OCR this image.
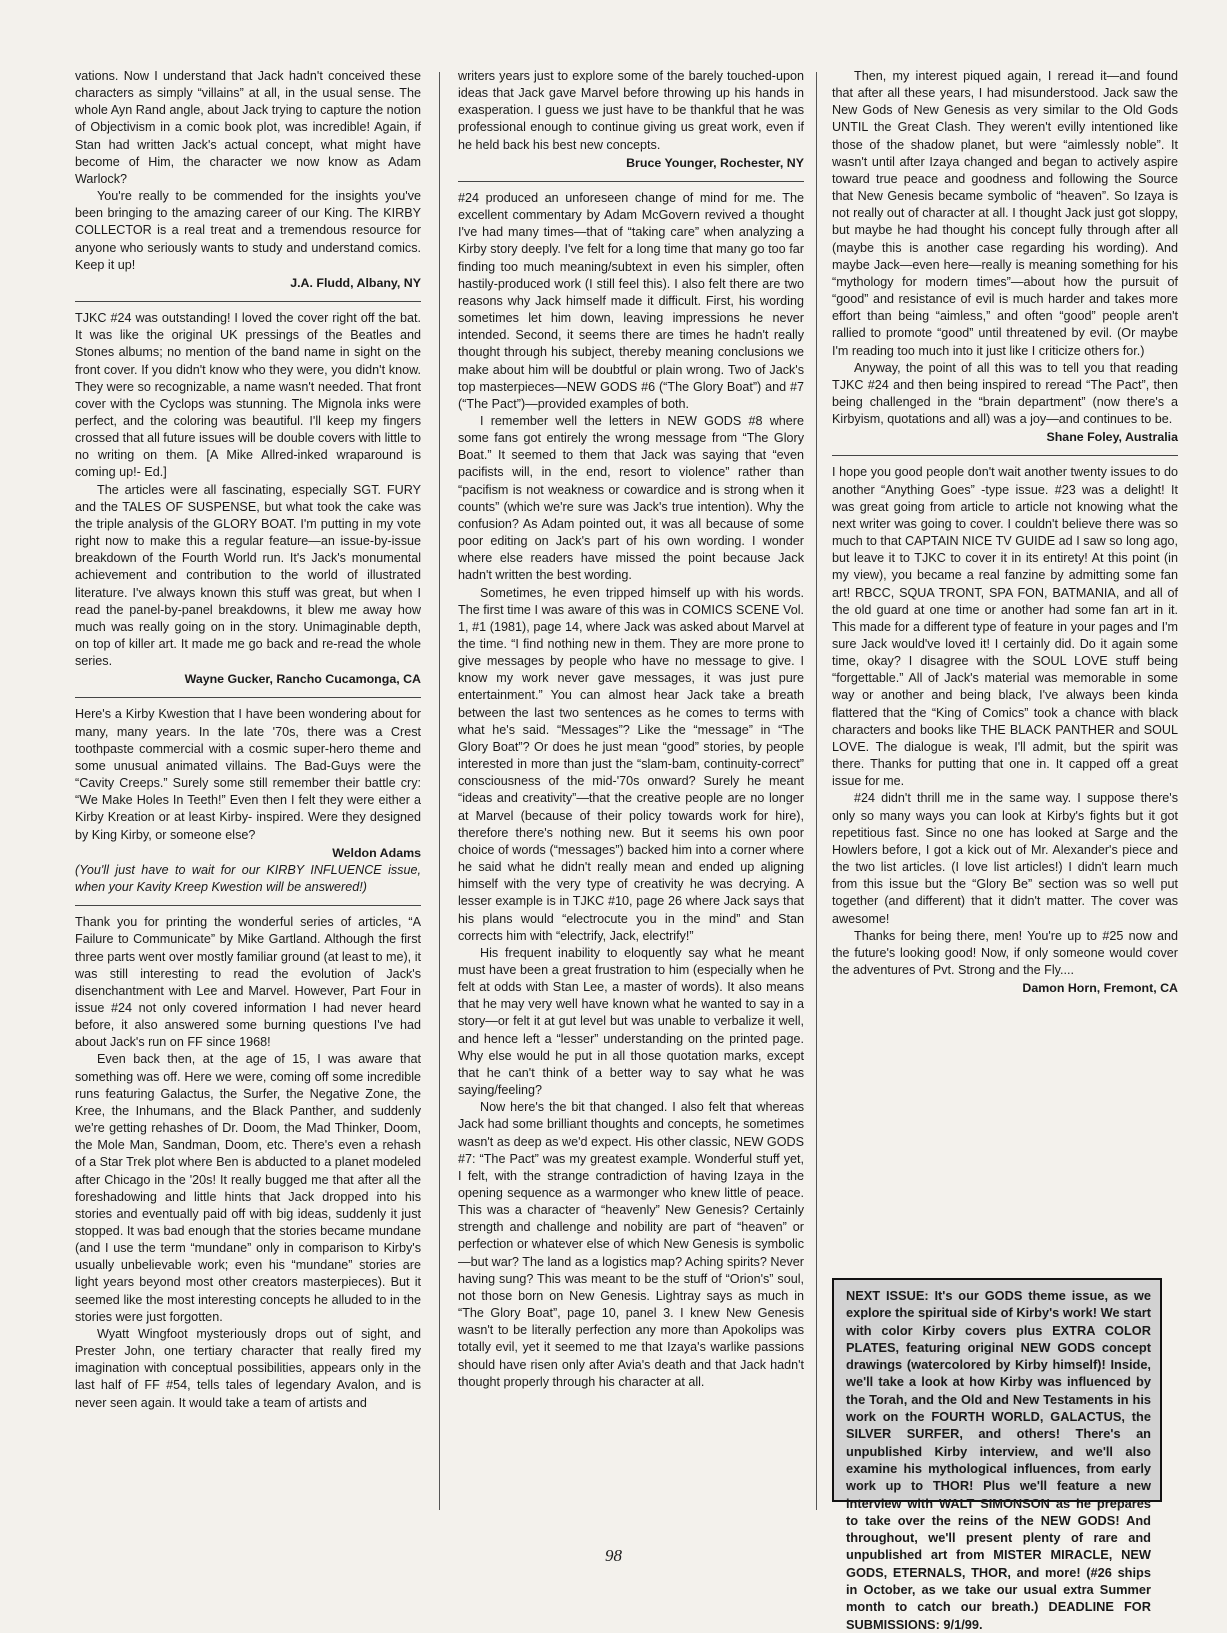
vations. Now I understand that Jack hadn't conceived these characters as simply “villains” at all, in the usual sense. The whole Ayn Rand angle, about Jack trying to capture the notion of Objectivism in a comic book plot, was incredible! Again, if Stan had written Jack's actual concept, what might have become of Him, the character we now know as Adam Warlock?

You're really to be commended for the insights you've been bringing to the amazing career of our King. The KIRBY COLLECTOR is a real treat and a tremendous resource for anyone who seriously wants to study and understand comics. Keep it up!

J.A. Fludd, Albany, NY

TJKC #24 was outstanding! I loved the cover right off the bat. It was like the original UK pressings of the Beatles and Stones albums; no mention of the band name in sight on the front cover. If you didn't know who they were, you didn't know. They were so recognizable, a name wasn't needed. That front cover with the Cyclops was stunning. The Mignola inks were perfect, and the coloring was beautiful. I'll keep my fingers crossed that all future issues will be double covers with little to no writing on them. [A Mike Allred-inked wraparound is coming up!- Ed.]

The articles were all fascinating, especially SGT. FURY and the TALES OF SUSPENSE, but what took the cake was the triple analysis of the GLORY BOAT. I'm putting in my vote right now to make this a regular feature—an issue-by-issue breakdown of the Fourth World run. It's Jack's monumental achievement and contribution to the world of illustrated literature. I've always known this stuff was great, but when I read the panel-by-panel breakdowns, it blew me away how much was really going on in the story. Unimaginable depth, on top of killer art. It made me go back and re-read the whole series.

Wayne Gucker, Rancho Cucamonga, CA

Here's a Kirby Kwestion that I have been wondering about for many, many years. In the late '70s, there was a Crest toothpaste commercial with a cosmic super-hero theme and some unusual animated villains. The Bad-Guys were the “Cavity Creeps.” Surely some still remember their battle cry: “We Make Holes In Teeth!” Even then I felt they were either a Kirby Kreation or at least Kirby- inspired. Were they designed by King Kirby, or someone else?

Weldon Adams

(You'll just have to wait for our KIRBY INFLUENCE issue, when your Kavity Kreep Kwestion will be answered!)

Thank you for printing the wonderful series of articles, “A Failure to Communicate” by Mike Gartland. Although the first three parts went over mostly familiar ground (at least to me), it was still interesting to read the evolution of Jack's disenchantment with Lee and Marvel. However, Part Four in issue #24 not only covered information I had never heard before, it also answered some burning questions I've had about Jack's run on FF since 1968!

Even back then, at the age of 15, I was aware that something was off. Here we were, coming off some incredible runs featuring Galactus, the Surfer, the Negative Zone, the Kree, the Inhumans, and the Black Panther, and suddenly we're getting rehashes of Dr. Doom, the Mad Thinker, Doom, the Mole Man, Sandman, Doom, etc. There's even a rehash of a Star Trek plot where Ben is abducted to a planet modeled after Chicago in the '20s! It really bugged me that after all the foreshadowing and little hints that Jack dropped into his stories and eventually paid off with big ideas, suddenly it just stopped. It was bad enough that the stories became mundane (and I use the term “mundane” only in comparison to Kirby's usually unbelievable work; even his “mundane” stories are light years beyond most other creators masterpieces). But it seemed like the most interesting concepts he alluded to in the stories were just forgotten.

Wyatt Wingfoot mysteriously drops out of sight, and Prester John, one tertiary character that really fired my imagination with conceptual possibilities, appears only in the last half of FF #54, tells tales of legendary Avalon, and is never seen again. It would take a team of artists and

writers years just to explore some of the barely touched-upon ideas that Jack gave Marvel before throwing up his hands in exasperation. I guess we just have to be thankful that he was professional enough to continue giving us great work, even if he held back his best new concepts.

Bruce Younger, Rochester, NY

#24 produced an unforeseen change of mind for me. The excellent commentary by Adam McGovern revived a thought I've had many times—that of “taking care” when analyzing a Kirby story deeply. I've felt for a long time that many go too far finding too much meaning/subtext in even his simpler, often hastily-produced work (I still feel this). I also felt there are two reasons why Jack himself made it difficult. First, his wording sometimes let him down, leaving impressions he never intended. Second, it seems there are times he hadn't really thought through his subject, thereby meaning conclusions we make about him will be doubtful or plain wrong. Two of Jack's top masterpieces—NEW GODS #6 (“The Glory Boat”) and #7 (“The Pact”)—provided examples of both.

I remember well the letters in NEW GODS #8 where some fans got entirely the wrong message from “The Glory Boat.” It seemed to them that Jack was saying that “even pacifists will, in the end, resort to violence” rather than “pacifism is not weakness or cowardice and is strong when it counts” (which we're sure was Jack's true intention). Why the confusion? As Adam pointed out, it was all because of some poor editing on Jack's part of his own wording. I wonder where else readers have missed the point because Jack hadn't written the best wording.

Sometimes, he even tripped himself up with his words. The first time I was aware of this was in COMICS SCENE Vol. 1, #1 (1981), page 14, where Jack was asked about Marvel at the time. “I find nothing new in them. They are more prone to give messages by people who have no message to give. I know my work never gave messages, it was just pure entertainment.” You can almost hear Jack take a breath between the last two sentences as he comes to terms with what he's said. “Messages”? Like the “message” in “The Glory Boat”? Or does he just mean “good” stories, by people interested in more than just the “slam-bam, continuity-correct” consciousness of the mid-'70s onward? Surely he meant “ideas and creativity”—that the creative people are no longer at Marvel (because of their policy towards work for hire), therefore there's nothing new. But it seems his own poor choice of words (“messages”) backed him into a corner where he said what he didn't really mean and ended up aligning himself with the very type of creativity he was decrying. A lesser example is in TJKC #10, page 26 where Jack says that his plans would “electrocute you in the mind” and Stan corrects him with “electrify, Jack, electrify!”

His frequent inability to eloquently say what he meant must have been a great frustration to him (especially when he felt at odds with Stan Lee, a master of words). It also means that he may very well have known what he wanted to say in a story—or felt it at gut level but was unable to verbalize it well, and hence left a “lesser” understanding on the printed page. Why else would he put in all those quotation marks, except that he can't think of a better way to say what he was saying/feeling?

Now here's the bit that changed. I also felt that whereas Jack had some brilliant thoughts and concepts, he sometimes wasn't as deep as we'd expect. His other classic, NEW GODS #7: “The Pact” was my greatest example. Wonderful stuff yet, I felt, with the strange contradiction of having Izaya in the opening sequence as a warmonger who knew little of peace. This was a character of “heavenly” New Genesis? Certainly strength and challenge and nobility are part of “heaven” or perfection or whatever else of which New Genesis is symbolic—but war? The land as a logistics map? Aching spirits? Never having sung? This was meant to be the stuff of “Orion's” soul, not those born on New Genesis. Lightray says as much in “The Glory Boat”, page 10, panel 3. I knew New Genesis wasn't to be literally perfection any more than Apokolips was totally evil, yet it seemed to me that Izaya's warlike passions should have risen only after Avia's death and that Jack hadn't thought properly through his character at all.

Then, my interest piqued again, I reread it—and found that after all these years, I had misunderstood. Jack saw the New Gods of New Genesis as very similar to the Old Gods UNTIL the Great Clash. They weren't evilly intentioned like those of the shadow planet, but were “aimlessly noble”. It wasn't until after Izaya changed and began to actively aspire toward true peace and goodness and following the Source that New Genesis became symbolic of “heaven”. So Izaya is not really out of character at all. I thought Jack just got sloppy, but maybe he had thought his concept fully through after all (maybe this is another case regarding his wording). And maybe Jack—even here—really is meaning something for his “mythology for modern times”—about how the pursuit of “good” and resistance of evil is much harder and takes more effort than being “aimless,” and often “good” people aren't rallied to promote “good” until threatened by evil. (Or maybe I'm reading too much into it just like I criticize others for.)

Anyway, the point of all this was to tell you that reading TJKC #24 and then being inspired to reread “The Pact”, then being challenged in the “brain department” (now there's a Kirbyism, quotations and all) was a joy—and continues to be.

Shane Foley, Australia

I hope you good people don't wait another twenty issues to do another “Anything Goes” -type issue. #23 was a delight! It was great going from article to article not knowing what the next writer was going to cover. I couldn't believe there was so much to that CAPTAIN NICE TV GUIDE ad I saw so long ago, but leave it to TJKC to cover it in its entirety! At this point (in my view), you became a real fanzine by admitting some fan art! RBCC, SQUA TRONT, SPA FON, BATMANIA, and all of the old guard at one time or another had some fan art in it. This made for a different type of feature in your pages and I'm sure Jack would've loved it! I certainly did. Do it again some time, okay? I disagree with the SOUL LOVE stuff being “forgettable.” All of Jack's material was memorable in some way or another and being black, I've always been kinda flattered that the “King of Comics” took a chance with black characters and books like THE BLACK PANTHER and SOUL LOVE. The dialogue is weak, I'll admit, but the spirit was there. Thanks for putting that one in. It capped off a great issue for me.

#24 didn't thrill me in the same way. I suppose there's only so many ways you can look at Kirby's fights but it got repetitious fast. Since no one has looked at Sarge and the Howlers before, I got a kick out of Mr. Alexander's piece and the two list articles. (I love list articles!) I didn't learn much from this issue but the “Glory Be” section was so well put together (and different) that it didn't matter. The cover was awesome!

Thanks for being there, men! You're up to #25 now and the future's looking good! Now, if only someone would cover the adventures of Pvt. Strong and the Fly....

Damon Horn, Fremont, CA
NEXT ISSUE: It's our GODS theme issue, as we explore the spiritual side of Kirby's work! We start with color Kirby covers plus EXTRA COLOR PLATES, featuring original NEW GODS concept drawings (watercolored by Kirby himself)! Inside, we'll take a look at how Kirby was influenced by the Torah, and the Old and New Testaments in his work on the FOURTH WORLD, GALACTUS, the SILVER SURFER, and others! There's an unpublished Kirby interview, and we'll also examine his mythological influences, from early work up to THOR! Plus we'll feature a new interview with WALT SIMONSON as he prepares to take over the reins of the NEW GODS! And throughout, we'll present plenty of rare and unpublished art from MISTER MIRACLE, NEW GODS, ETERNALS, THOR, and more! (#26 ships in October, as we take our usual extra Summer month to catch our breath.) DEADLINE FOR SUBMISSIONS: 9/1/99.
98
